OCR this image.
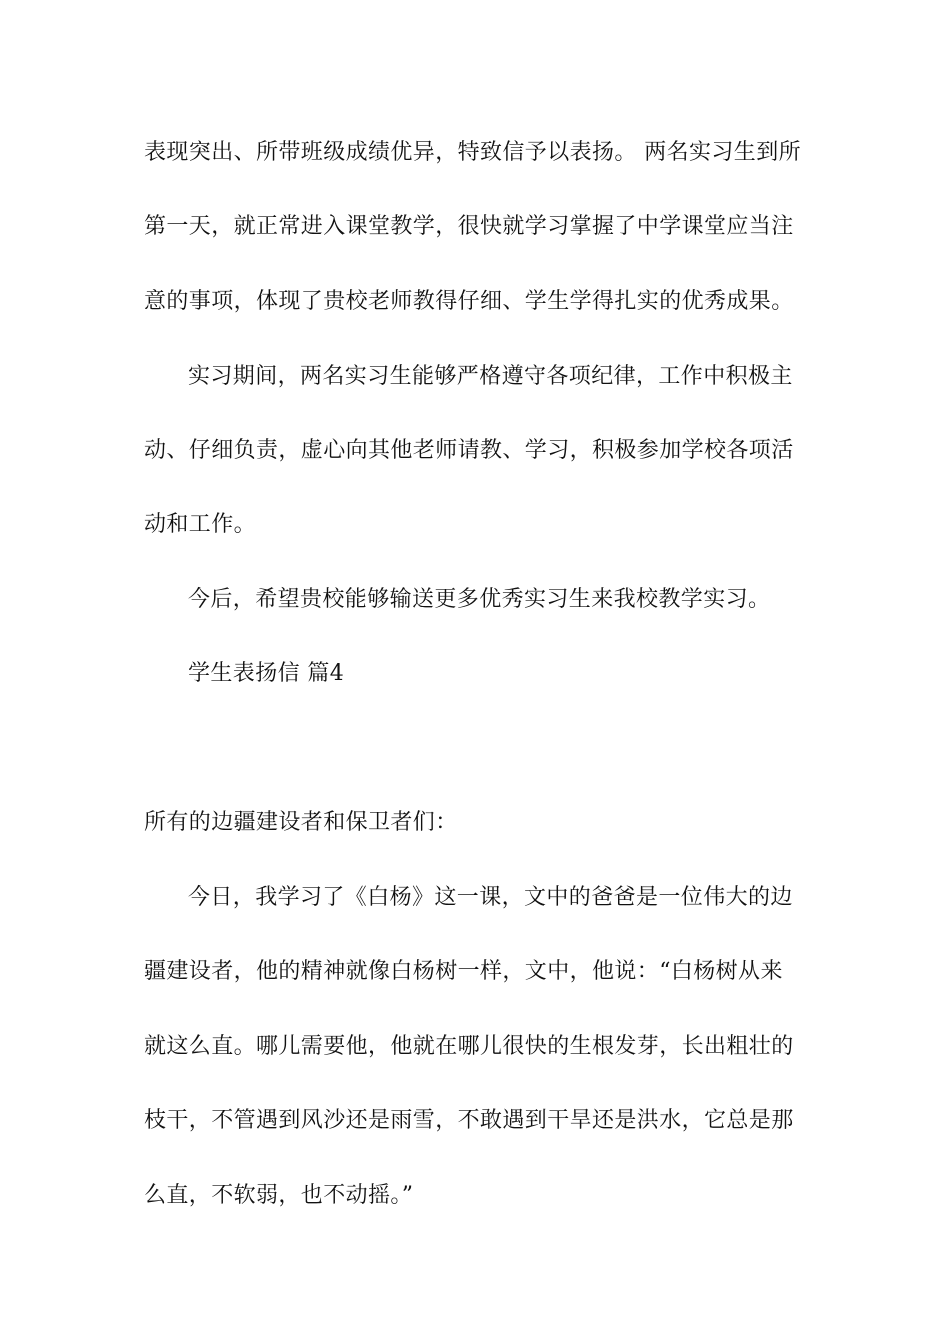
表现突出、所带班级成绩优异，特致信予以表扬。 两名实习生到所
第一天，就正常进入课堂教学，很快就学习掌握了中学课堂应当注
意的事项，体现了贵校老师教得仔细、学生学得扎实的优秀成果。
实习期间，两名实习生能够严格遵守各项纪律，工作中积极主
动、仔细负责，虚心向其他老师请教、学习，积极参加学校各项活
动和工作。
今后，希望贵校能够输送更多优秀实习生来我校教学实习。
学生表扬信 篇4
所有的边疆建设者和保卫者们：
今日，我学习了《白杨》这一课，文中的爸爸是一位伟大的边
疆建设者，他的精神就像白杨树一样，文中，他说：“白杨树从来
就这么直。哪儿需要他，他就在哪儿很快的生根发芽，长出粗壮的
枝干，不管遇到风沙还是雨雪，不敢遇到干旱还是洪水，它总是那
么直，不软弱，也不动摇。”
